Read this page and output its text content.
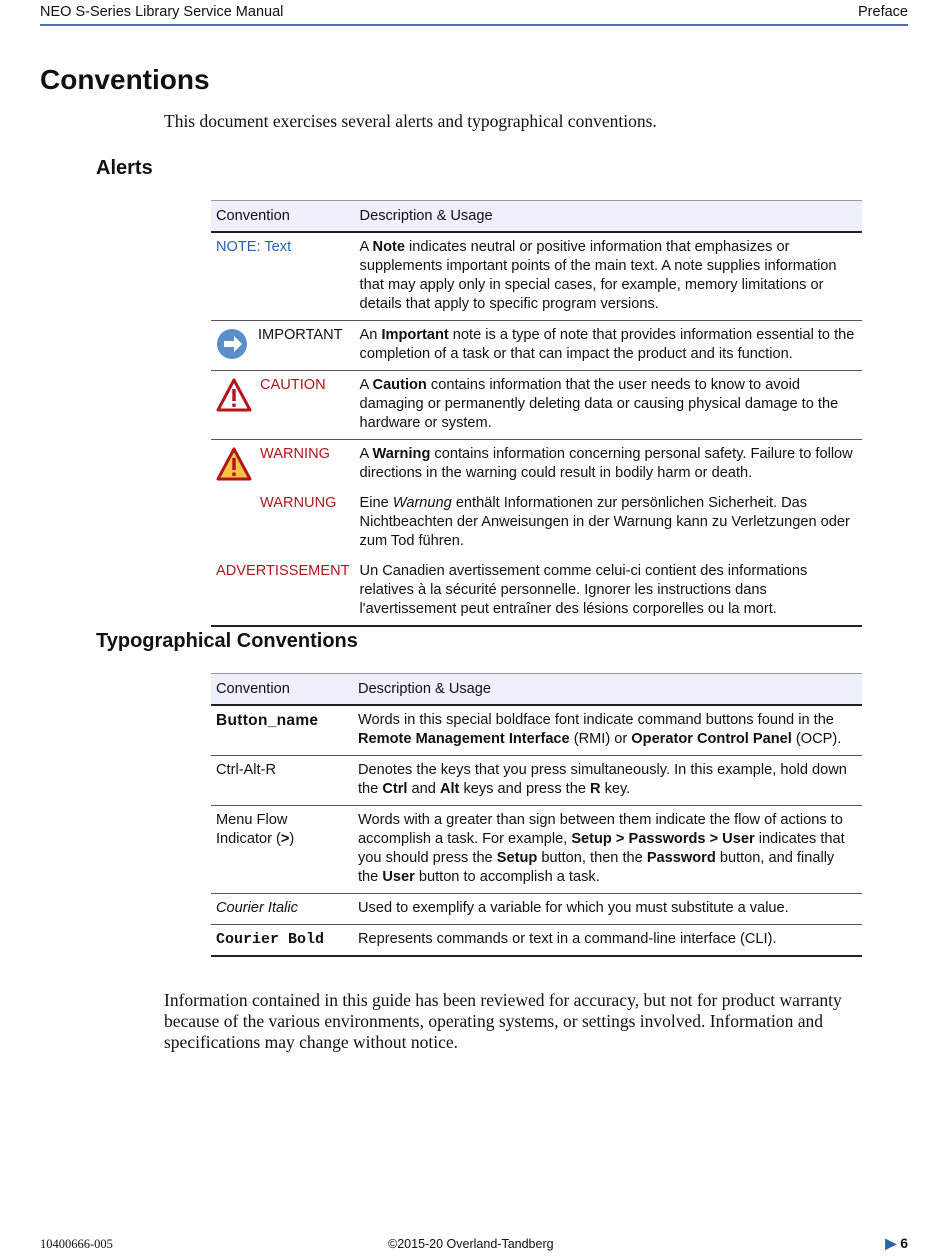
NEO S-Series Library Service Manual	Preface
Conventions
This document exercises several alerts and typographical conventions.
Alerts
Convention	Description & Usage
NOTE: Text	A Note indicates neutral or positive information that emphasizes or supplements important points of the main text. A note supplies information that may apply only in special cases, for example, memory limitations or details that apply to specific program versions.

IMPORTANT	An Important note is a type of note that provides information essential to the completion of a task or that can impact the product and its function.

CAUTION	A Caution contains information that the user needs to know to avoid damaging or permanently deleting data or causing physical damage to the hardware or system.

WARNING	A Warning contains information concerning personal safety. Failure to follow directions in the warning could result in bodily harm or death.
WARNUNG	Eine Warnung enthält Informationen zur persönlichen Sicherheit. Das Nichtbeachten der Anweisungen in der Warnung kann zu Verletzungen oder zum Tod führen.
ADVERTISSEMENT	Un Canadien avertissement comme celui-ci contient des informations relatives à la sécurité personnelle. Ignorer les instructions dans l'avertissement peut entraîner des lésions corporelles ou la mort.
Typographical Conventions
Convention	Description & Usage
Button_name	Words in this special boldface font indicate command buttons found in the Remote Management Interface (RMI) or Operator Control Panel (OCP).
Ctrl-Alt-R	Denotes the keys that you press simultaneously. In this example, hold down the Ctrl and Alt keys and press the R key.
Menu Flow
Indicator (>)	Words with a greater than sign between them indicate the flow of actions to accomplish a task. For example, Setup > Passwords > User indicates that you should press the Setup button, then the Password button, and finally the User button to accomplish a task.
Courier Italic	Used to exemplify a variable for which you must substitute a value.
Courier Bold	Represents commands or text in a command-line interface (CLI).
Information contained in this guide has been reviewed for accuracy, but not for product warranty because of the various environments, operating systems, or settings involved. Information and specifications may change without notice.
10400666-005	©2015-20 Overland-Tandberg	▶ 6
